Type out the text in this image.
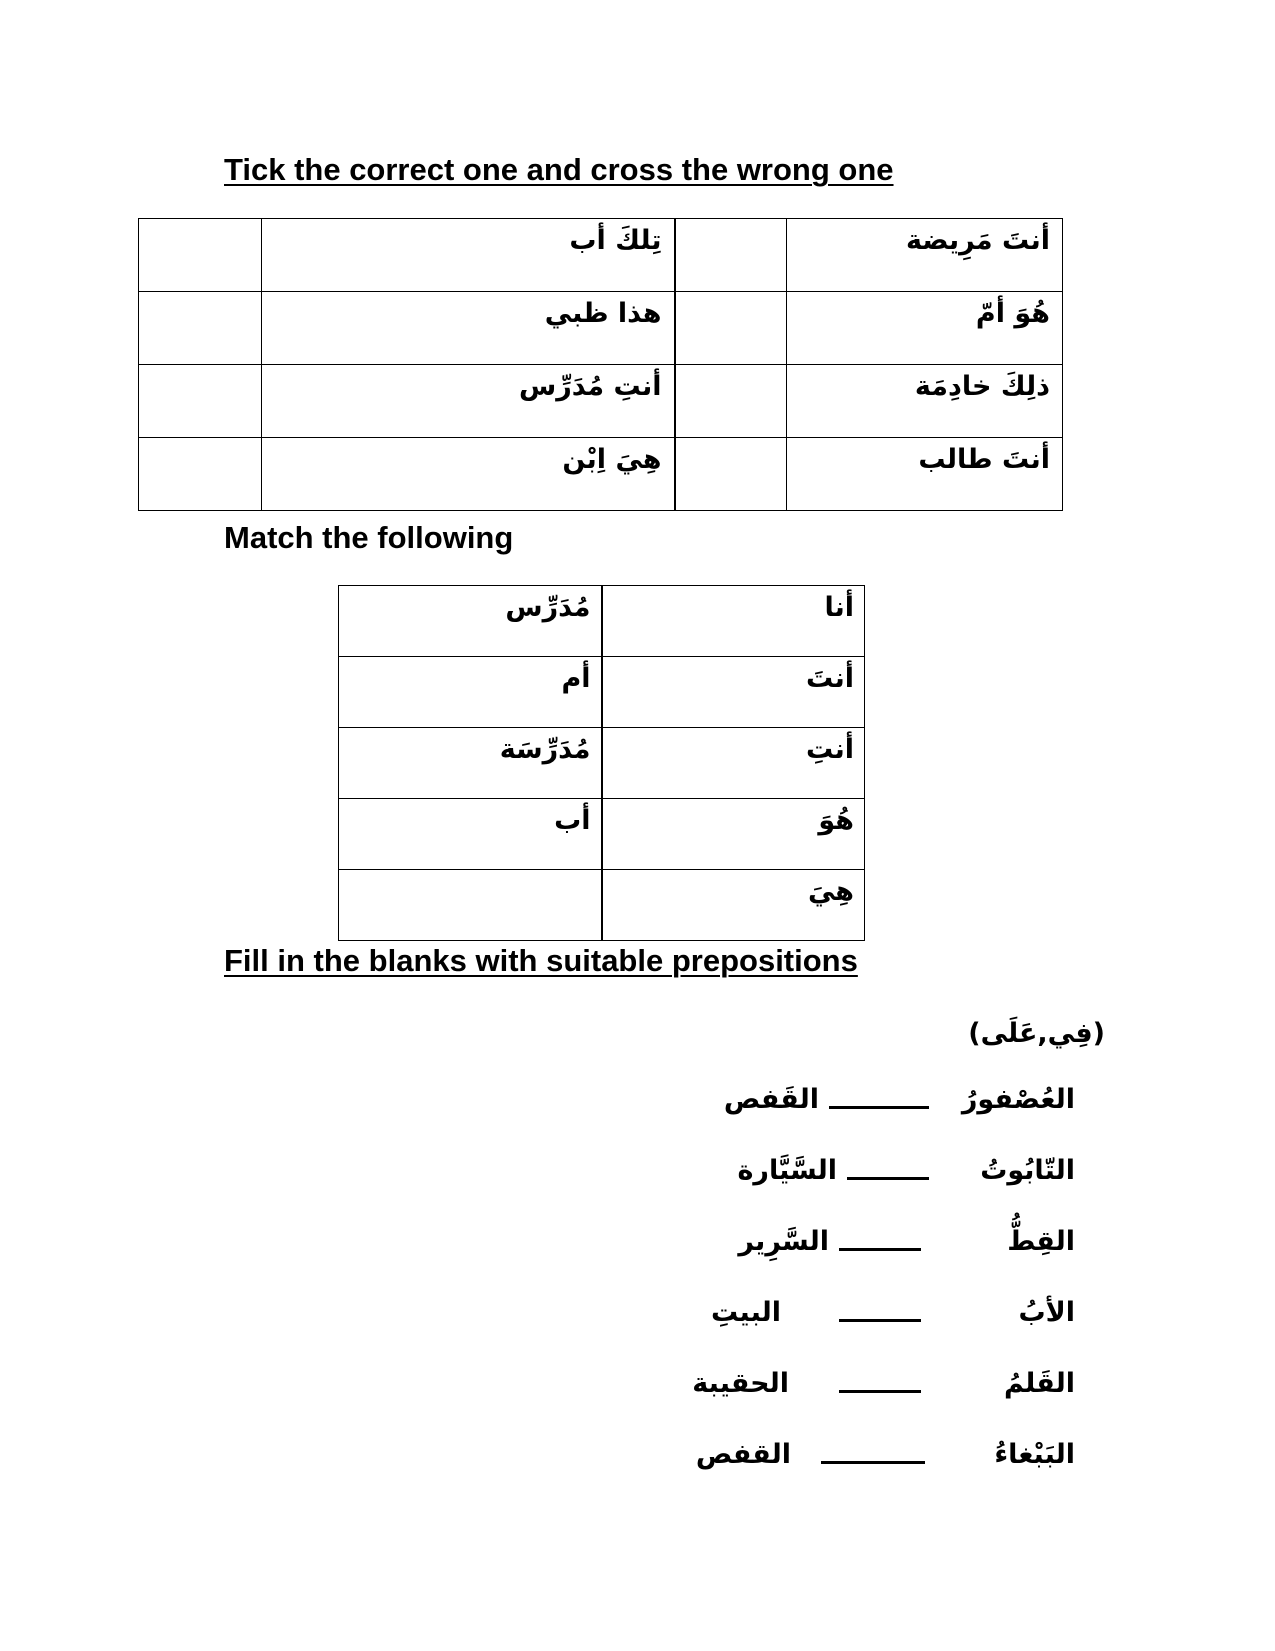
Tick the correct one and cross the wrong one
	تِلكَ أب		أنتَ مَرِيضة
	هذا ظبي		هُوَ أمّ
	أنتِ مُدَرِّس		ذلِكَ خادِمَة
	هِيَ اِبْن		أنتَ طالب
Match the following
مُدَرِّس	أنا
أم	أنتَ
مُدَرِّسَة	أنتِ
أب	هُوَ
	هِيَ
Fill in the blanks with suitable prepositions
(فِي,عَلَى)
العُصْفورُ
القَفص
التّابُوتُ
السَّيَّارة
القِطُّ
السَّرِير
الأبُ
البيتِ
القَلمُ
الحقيبة
البَبْغاءُ
القفص
